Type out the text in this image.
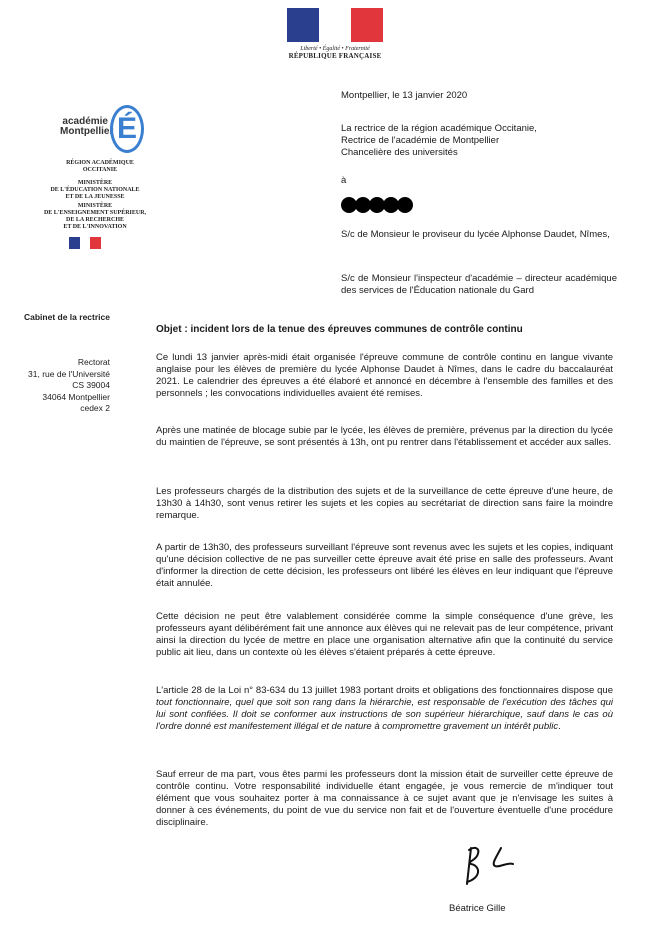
Liberté • Égalité • Fraternité
RÉPUBLIQUE FRANÇAISE
académie
Montpellier É
RÉGION ACADÉMIQUE
OCCITANIE

MINISTÈRE

DE L'ÉDUCATION NATIONALE

ET DE LA JEUNESSE

MINISTÈRE

DE L'ENSEIGNEMENT SUPÉRIEUR,

DE LA RECHERCHE

ET DE L'INNOVATION

Cabinet de la rectrice
Rectorat
31, rue de l'Université
CS 39004
34064 Montpellier
cedex 2
Montpellier, le 13 janvier 2020
La rectrice de la région académique Occitanie,
Rectrice de l'académie de Montpellier
Chancelière des universités
à
S/c de Monsieur le proviseur du lycée Alphonse Daudet, Nîmes,
S/c de Monsieur l'inspecteur d'académie – directeur académique des services de l'Éducation nationale du Gard
Objet : incident lors de la tenue des épreuves communes de contrôle continu
Ce lundi 13 janvier après-midi était organisée l'épreuve commune de contrôle continu en langue vivante anglaise pour les élèves de première du lycée Alphonse Daudet à Nîmes, dans le cadre du baccalauréat 2021. Le calendrier des épreuves a été élaboré et annoncé en décembre à l'ensemble des familles et des personnels ; les convocations individuelles avaient été remises.
Après une matinée de blocage subie par le lycée, les élèves de première, prévenus par la direction du lycée du maintien de l'épreuve, se sont présentés à 13h, ont pu rentrer dans l'établissement et accéder aux salles.
Les professeurs chargés de la distribution des sujets et de la surveillance de cette épreuve d'une heure, de 13h30 à 14h30, sont venus retirer les sujets et les copies au secrétariat de direction sans faire la moindre remarque.
A partir de 13h30, des professeurs surveillant l'épreuve sont revenus avec les sujets et les copies, indiquant qu'une décision collective de ne pas surveiller cette épreuve avait été prise en salle des professeurs. Avant d'informer la direction de cette décision, les professeurs ont libéré les élèves en leur indiquant que l'épreuve était annulée.
Cette décision ne peut être valablement considérée comme la simple conséquence d'une grève, les professeurs ayant délibérément fait une annonce aux élèves qui ne relevait pas de leur compétence, privant ainsi la direction du lycée de mettre en place une organisation alternative afin que la continuité du service public ait lieu, dans un contexte où les élèves s'étaient préparés à cette épreuve.
L'article 28 de la Loi n° 83-634 du 13 juillet 1983 portant droits et obligations des fonctionnaires dispose que tout fonctionnaire, quel que soit son rang dans la hiérarchie, est responsable de l'exécution des tâches qui lui sont confiées. Il doit se conformer aux instructions de son supérieur hiérarchique, sauf dans le cas où l'ordre donné est manifestement illégal et de nature à compromettre gravement un intérêt public.
Sauf erreur de ma part, vous êtes parmi les professeurs dont la mission était de surveiller cette épreuve de contrôle continu. Votre responsabilité individuelle étant engagée, je vous remercie de m'indiquer tout élément que vous souhaitez porter à ma connaissance à ce sujet avant que je n'envisage les suites à donner à ces événements, du point de vue du service non fait et de l'ouverture éventuelle d'une procédure disciplinaire.
Béatrice Gille
